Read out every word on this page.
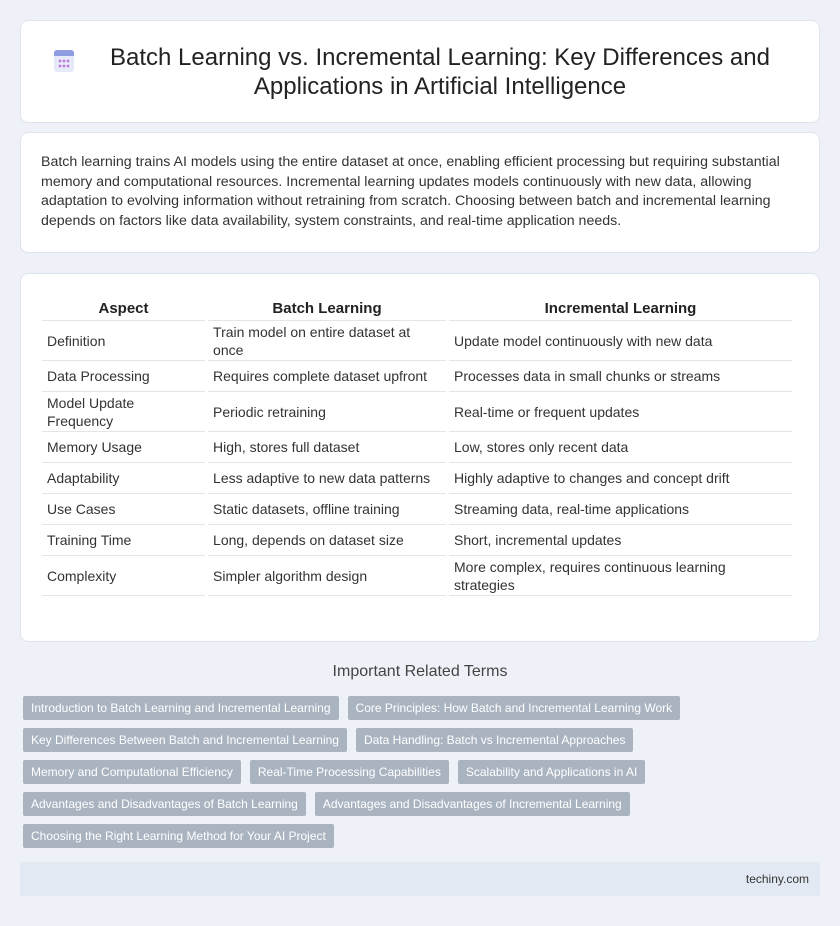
Batch Learning vs. Incremental Learning: Key Differences and Applications in Artificial Intelligence

Batch learning trains AI models using the entire dataset at once, enabling efficient processing but requiring substantial memory and computational resources. Incremental learning updates models continuously with new data, allowing adaptation to evolving information without retraining from scratch. Choosing between batch and incremental learning depends on factors like data availability, system constraints, and real-time application needs.

Aspect	Batch Learning	Incremental Learning
Definition	Train model on entire dataset at once	Update model continuously with new data
Data Processing	Requires complete dataset upfront	Processes data in small chunks or streams
Model Update Frequency	Periodic retraining	Real-time or frequent updates
Memory Usage	High, stores full dataset	Low, stores only recent data
Adaptability	Less adaptive to new data patterns	Highly adaptive to changes and concept drift
Use Cases	Static datasets, offline training	Streaming data, real-time applications
Training Time	Long, depends on dataset size	Short, incremental updates
Complexity	Simpler algorithm design	More complex, requires continuous learning strategies
Important Related Terms
Introduction to Batch Learning and Incremental Learning	Core Principles: How Batch and Incremental Learning Work
Key Differences Between Batch and Incremental Learning	Data Handling: Batch vs Incremental Approaches
Memory and Computational Efficiency	Real-Time Processing Capabilities	Scalability and Applications in AI
Advantages and Disadvantages of Batch Learning	Advantages and Disadvantages of Incremental Learning
Choosing the Right Learning Method for Your AI Project
techiny.com
